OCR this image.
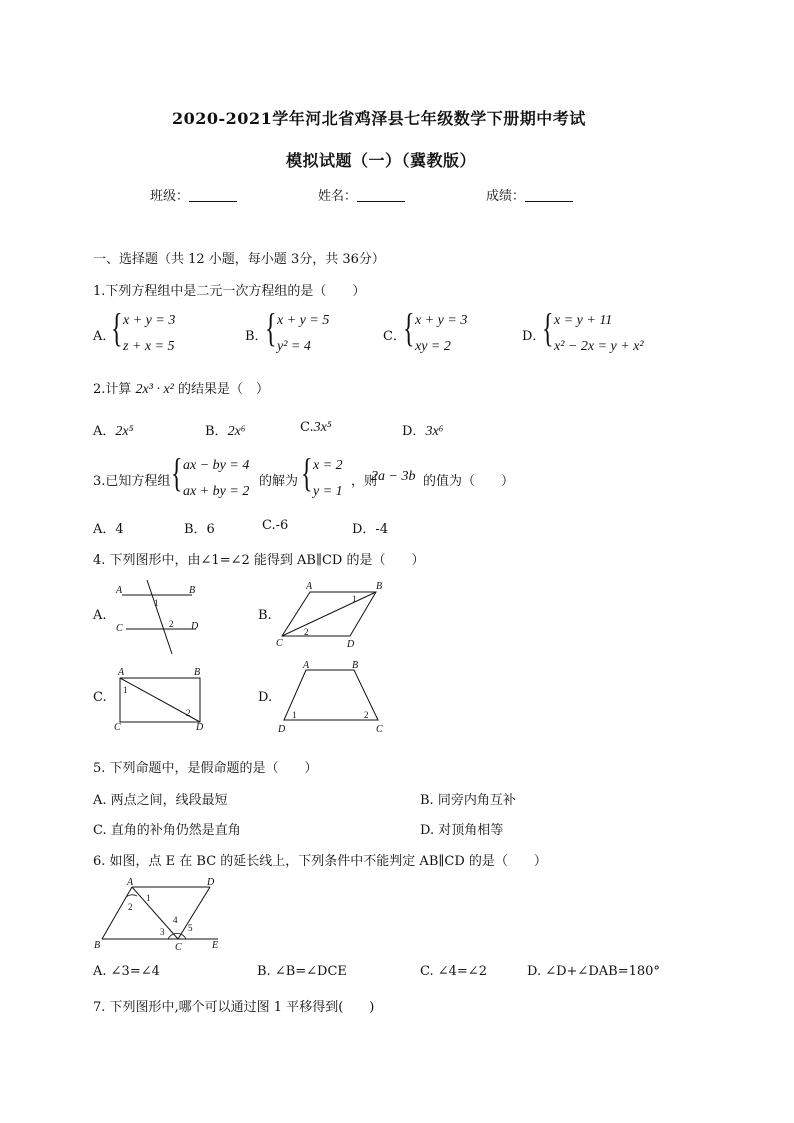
2020-2021学年河北省鸡泽县七年级数学下册期中考试
模拟试题（一）（冀教版）
班级：	姓名：	成绩：
一、选择题（共 12 小题，每小题 3分，共 36分）
1.下列方程组中是二元一次方程组的是（　　）
A．
{ x + y = 3
z + x = 5
B．
{ x + y = 5
y² = 4
C．
{ x + y = 3
xy = 2
D．
{ x = y + 11
x² − 2x = y + x²
2.计算 2x³ · x² 的结果是（　）
A．2x⁵	B．2x⁶	C.3x⁵	D．3x⁶
3.已知方程组 { ax − by = 4
ax + by = 2
的解为 { x = 2
y = 1
，则
2a − 3b 的值为（　　）
A．4	B．6	C.-6	D．-4
4. 下列图形中，由∠1=∠2 能得到 AB∥CD 的是（　　）
A.
A	B
C	D
1
2
B.
A	B
C	D
1
2
C.
A	B
C	D
1
2
D.
A	B
D	C
1	2
5. 下列命题中，是假命题的是（　　）
A. 两点之间，线段最短	B. 同旁内角互补
C. 直角的补角仍然是直角	D. 对顶角相等
6. 如图，点 E 在 BC 的延长线上，下列条件中不能判定 AB∥CD 的是（　　）
A	D
B	C	E
1
2
3
4
5
A. ∠3=∠4	B. ∠B=∠DCE	C. ∠4=∠2	D. ∠D+∠DAB=180°
7. 下列图形中,哪个可以通过图 1 平移得到(　　)
